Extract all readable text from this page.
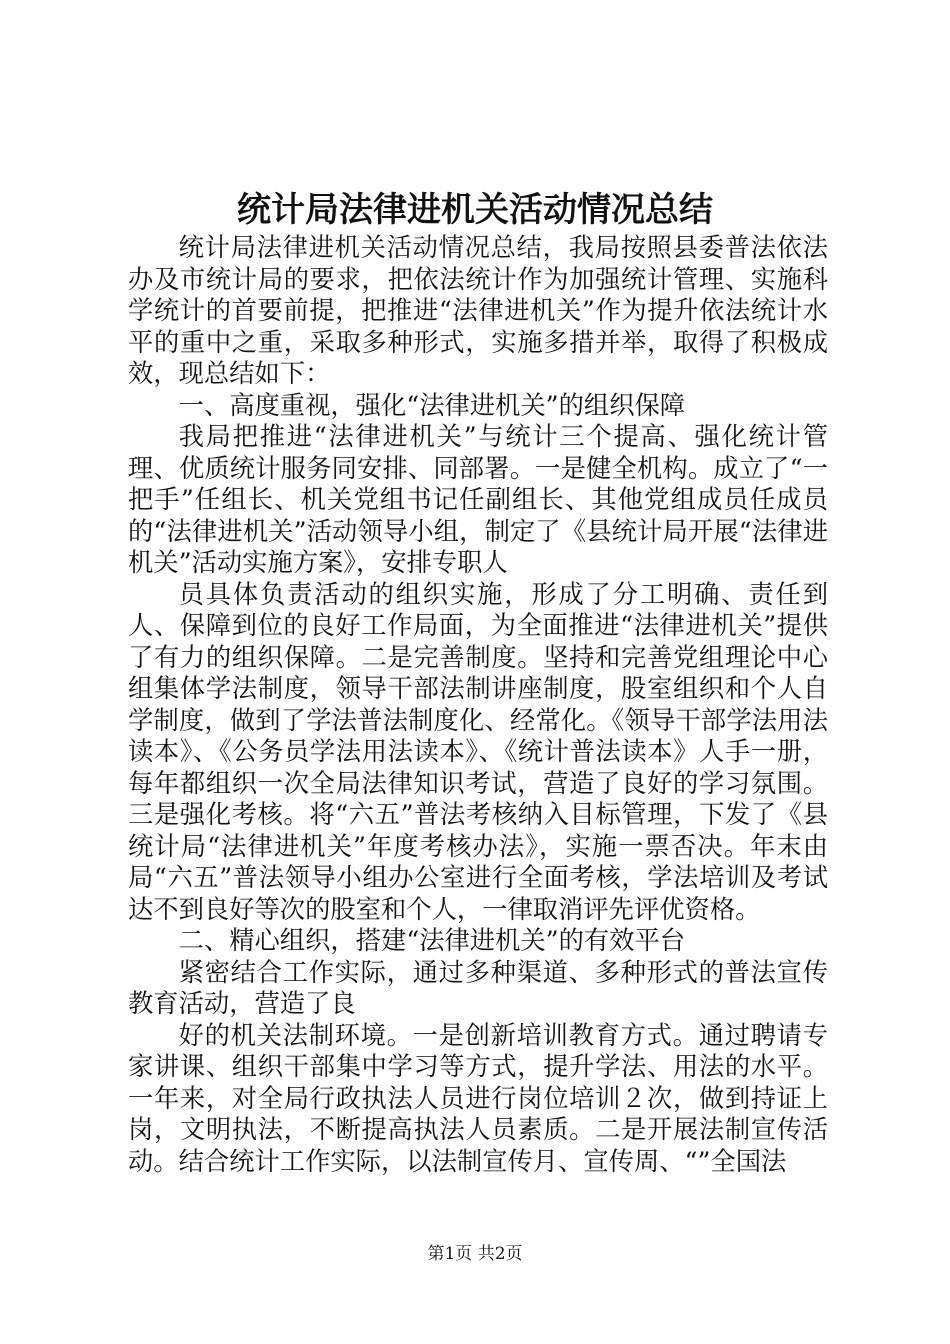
统计局法律进机关活动情况总结

统计局法律进机关活动情况总结，我局按照县委普法依法办及市统计局的要求，把依法统计作为加强统计管理、实施科学统计的首要前提，把推进“法律进机关”作为提升依法统计水平的重中之重，采取多种形式，实施多措并举，取得了积极成效，现总结如下：

一、高度重视，强化“法律进机关”的组织保障

我局把推进“法律进机关”与统计三个提高、强化统计管理、优质统计服务同安排、同部署。一是健全机构。成立了“一把手”任组长、机关党组书记任副组长、其他党组成员任成员的“法律进机关”活动领导小组，制定了《县统计局开展“法律进机关”活动实施方案》，安排专职人

员具体负责活动的组织实施，形成了分工明确、责任到人、保障到位的良好工作局面，为全面推进“法律进机关”提供了有力的组织保障。二是完善制度。坚持和完善党组理论中心组集体学法制度，领导干部法制讲座制度，股室组织和个人自学制度，做到了学法普法制度化、经常化。《领导干部学法用法读本》、《公务员学法用法读本》、《统计普法读本》人手一册，每年都组织一次全局法律知识考试，营造了良好的学习氛围。三是强化考核。将“六五”普法考核纳入目标管理，下发了《县统计局“法律进机关”年度考核办法》，实施一票否决。年末由局“六五”普法领导小组办公室进行全面考核，学法培训及考试达不到良好等次的股室和个人，一律取消评先评优资格。

二、精心组织，搭建“法律进机关”的有效平台

紧密结合工作实际，通过多种渠道、多种形式的普法宣传教育活动，营造了良

好的机关法制环境。一是创新培训教育方式。通过聘请专家讲课、组织干部集中学习等方式，提升学法、用法的水平。一年来，对全局行政执法人员进行岗位培训２次，做到持证上岗，文明执法，不断提高执法人员素质。二是开展法制宣传活动。结合统计工作实际，以法制宣传月、宣传周、“”全国法

第1页 共2页
